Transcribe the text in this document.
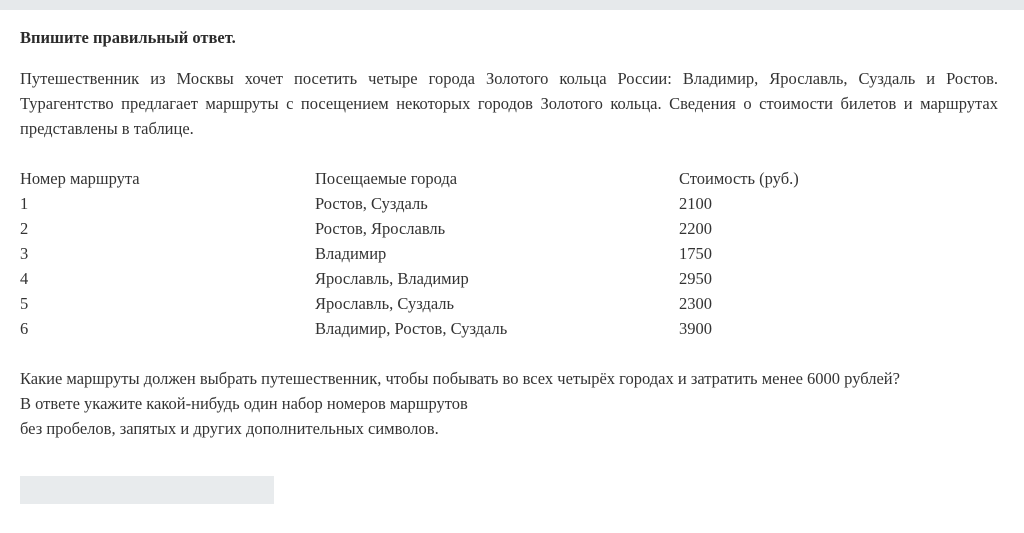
Впишите правильный ответ.

Путешественник из Москвы хочет посетить четыре города Золотого кольца России: Владимир, Ярославль, Суздаль и Ростов. Турагентство предлагает маршруты с посещением некоторых городов Золотого кольца. Сведения о стоимости билетов и маршрутах представлены в таблице.

Номер маршрута	Посещаемые города	Стоимость (руб.)
1	Ростов, Суздаль	2100
2	Ростов, Ярославль	2200
3	Владимир	1750
4	Ярославль, Владимир	2950
5	Ярославль, Суздаль	2300
6	Владимир, Ростов, Суздаль	3900

Какие маршруты должен выбрать путешественник, чтобы побывать во всех четырёх городах и затратить менее 6000 рублей?
В ответе укажите какой-нибудь один набор номеров маршрутов
без пробелов, запятых и других дополнительных символов.
